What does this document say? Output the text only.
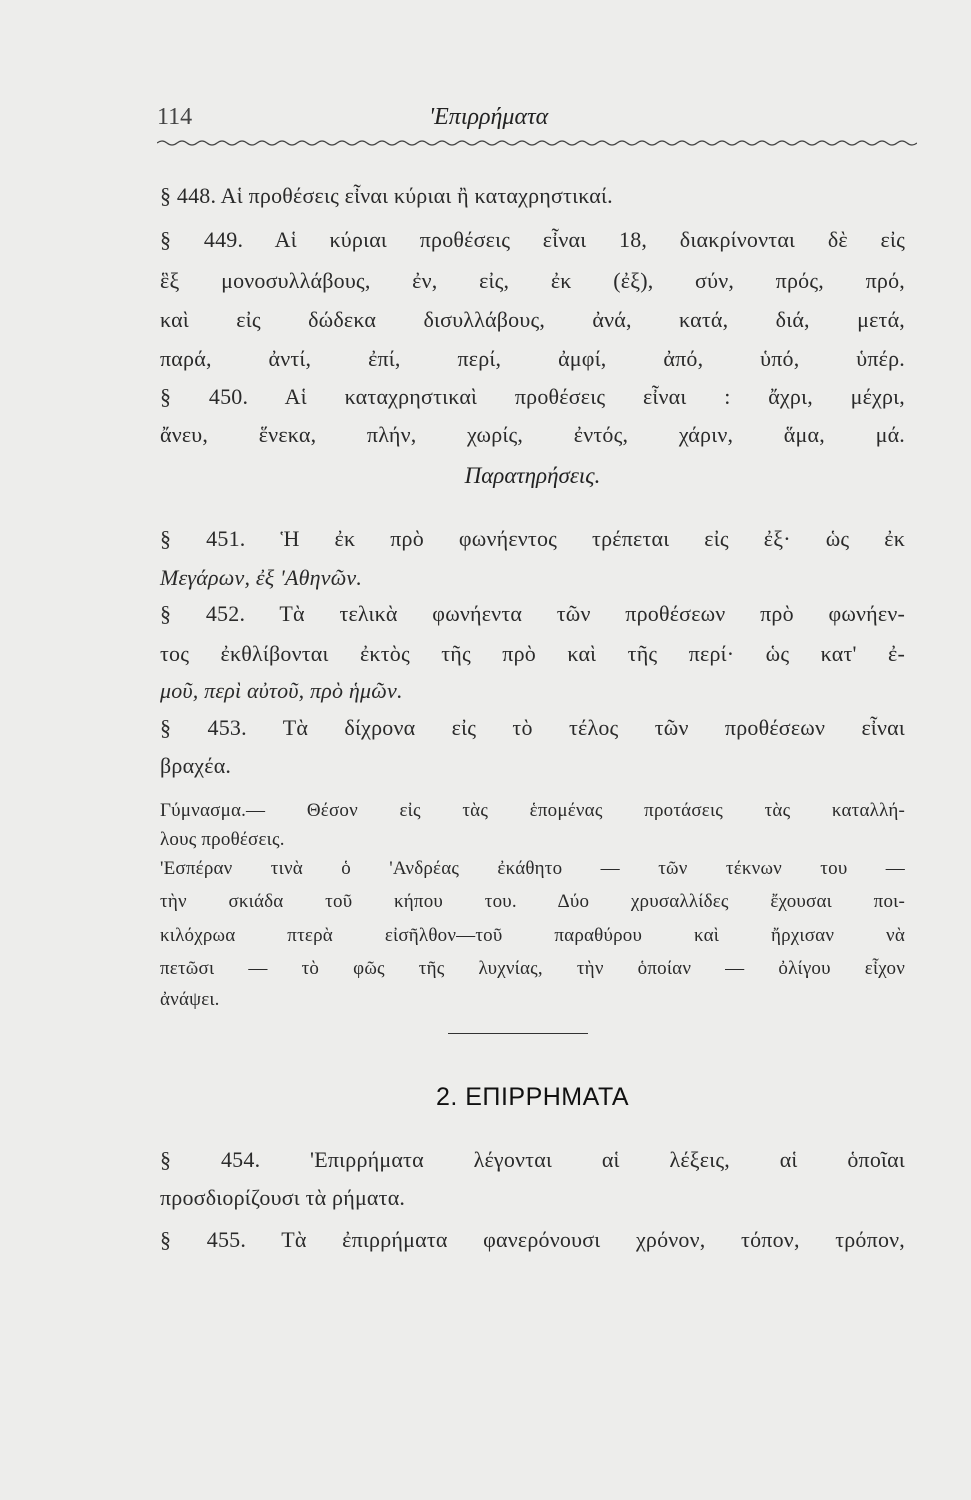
114	'Επιρρήματα
§ 448. Αἱ προθέσεις εἶναι κύριαι ἢ καταχρηστικαί.
§ 449. Αἱ κύριαι προθέσεις εἶναι 18, διακρίνονται δὲ εἰς
ἓξ μονοσυλλάβους, ἐν, εἰς, ἐκ (ἐξ), σύν, πρός, πρό,
καὶ εἰς δώδεκα δισυλλάβους, ἀνά, κατά, διά, μετά,
παρά, ἀντί, ἐπί, περί, ἀμφί, ἀπό, ὑπό, ὑπέρ.
§ 450. Αἱ καταχρηστικαὶ προθέσεις εἶναι : ἄχρι, μέχρι,
ἄνευ, ἕνεκα, πλήν, χωρίς, ἐντός, χάριν, ἅμα, μά.
Παρατηρήσεις.
§ 451. Ἡ ἐκ πρὸ φωνήεντος τρέπεται εἰς ἐξ· ὡς ἐκ
Μεγάρων, ἐξ 'Αθηνῶν.
§ 452. Τὰ τελικὰ φωνήεντα τῶν προθέσεων πρὸ φωνήεν-
τος ἐκθλίβονται ἐκτὸς τῆς πρὸ καὶ τῆς περί· ὡς κατ' ἐ-
μοῦ, περὶ αὐτοῦ, πρὸ ἡμῶν.
§ 453. Τὰ δίχρονα εἰς τὸ τέλος τῶν προθέσεων εἶναι
βραχέα.
Γύμνασμα.— Θέσον εἰς τὰς ἑπομένας προτάσεις τὰς καταλλή-
λους προθέσεις.
'Εσπέραν τινὰ ὁ 'Ανδρέας ἐκάθητο — τῶν τέκνων του —
τὴν σκιάδα τοῦ κήπου του. Δύο χρυσαλλίδες ἔχουσαι ποι-
κιλόχρωα πτερὰ εἰσῆλθον—τοῦ παραθύρου καὶ ἤρχισαν νὰ
πετῶσι — τὸ φῶς τῆς λυχνίας, τὴν ὁποίαν — ὀλίγου εἶχον
ἀνάψει.
2. ΕΠΙΡΡΗΜΑΤΑ
§ 454. 'Επιρρήματα λέγονται αἱ λέξεις, αἱ ὁποῖαι
προσδιορίζουσι τὰ ρήματα.
§ 455. Τὰ ἐπιρρήματα φανερόνουσι χρόνον, τόπον, τρόπον,
